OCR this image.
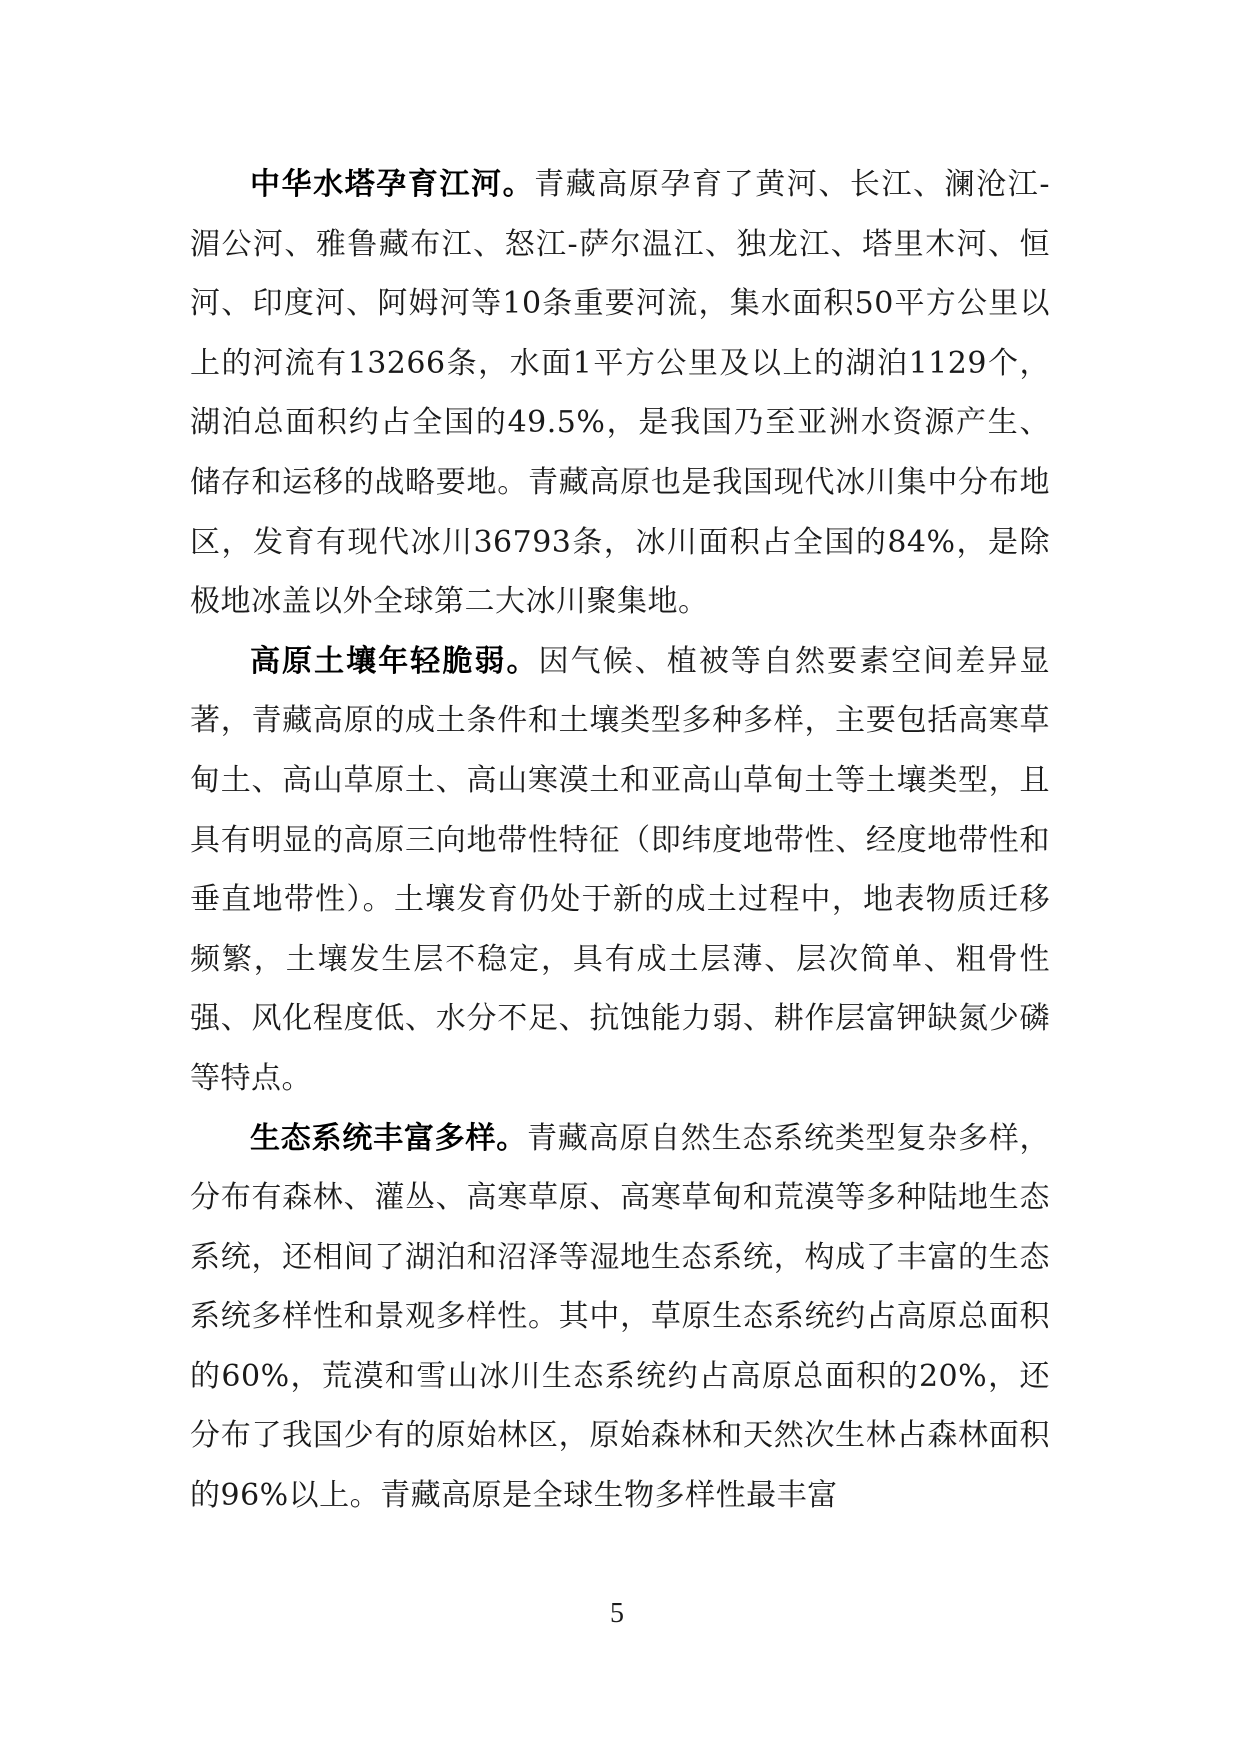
中华水塔孕育江河。青藏高原孕育了黄河、长江、澜沧江-湄公河、雅鲁藏布江、怒江-萨尔温江、独龙江、塔里木河、恒河、印度河、阿姆河等10条重要河流，集水面积50平方公里以上的河流有13266条，水面1平方公里及以上的湖泊1129个，湖泊总面积约占全国的49.5%，是我国乃至亚洲水资源产生、储存和运移的战略要地。青藏高原也是我国现代冰川集中分布地区，发育有现代冰川36793条，冰川面积占全国的84%，是除极地冰盖以外全球第二大冰川聚集地。

高原土壤年轻脆弱。因气候、植被等自然要素空间差异显著，青藏高原的成土条件和土壤类型多种多样，主要包括高寒草甸土、高山草原土、高山寒漠土和亚高山草甸土等土壤类型，且具有明显的高原三向地带性特征（即纬度地带性、经度地带性和垂直地带性）。土壤发育仍处于新的成土过程中，地表物质迁移频繁，土壤发生层不稳定，具有成土层薄、层次简单、粗骨性强、风化程度低、水分不足、抗蚀能力弱、耕作层富钾缺氮少磷等特点。

生态系统丰富多样。青藏高原自然生态系统类型复杂多样，分布有森林、灌丛、高寒草原、高寒草甸和荒漠等多种陆地生态系统，还相间了湖泊和沼泽等湿地生态系统，构成了丰富的生态系统多样性和景观多样性。其中，草原生态系统约占高原总面积的60%，荒漠和雪山冰川生态系统约占高原总面积的20%，还分布了我国少有的原始林区，原始森林和天然次生林占森林面积的96%以上。青藏高原是全球生物多样性最丰富

5
